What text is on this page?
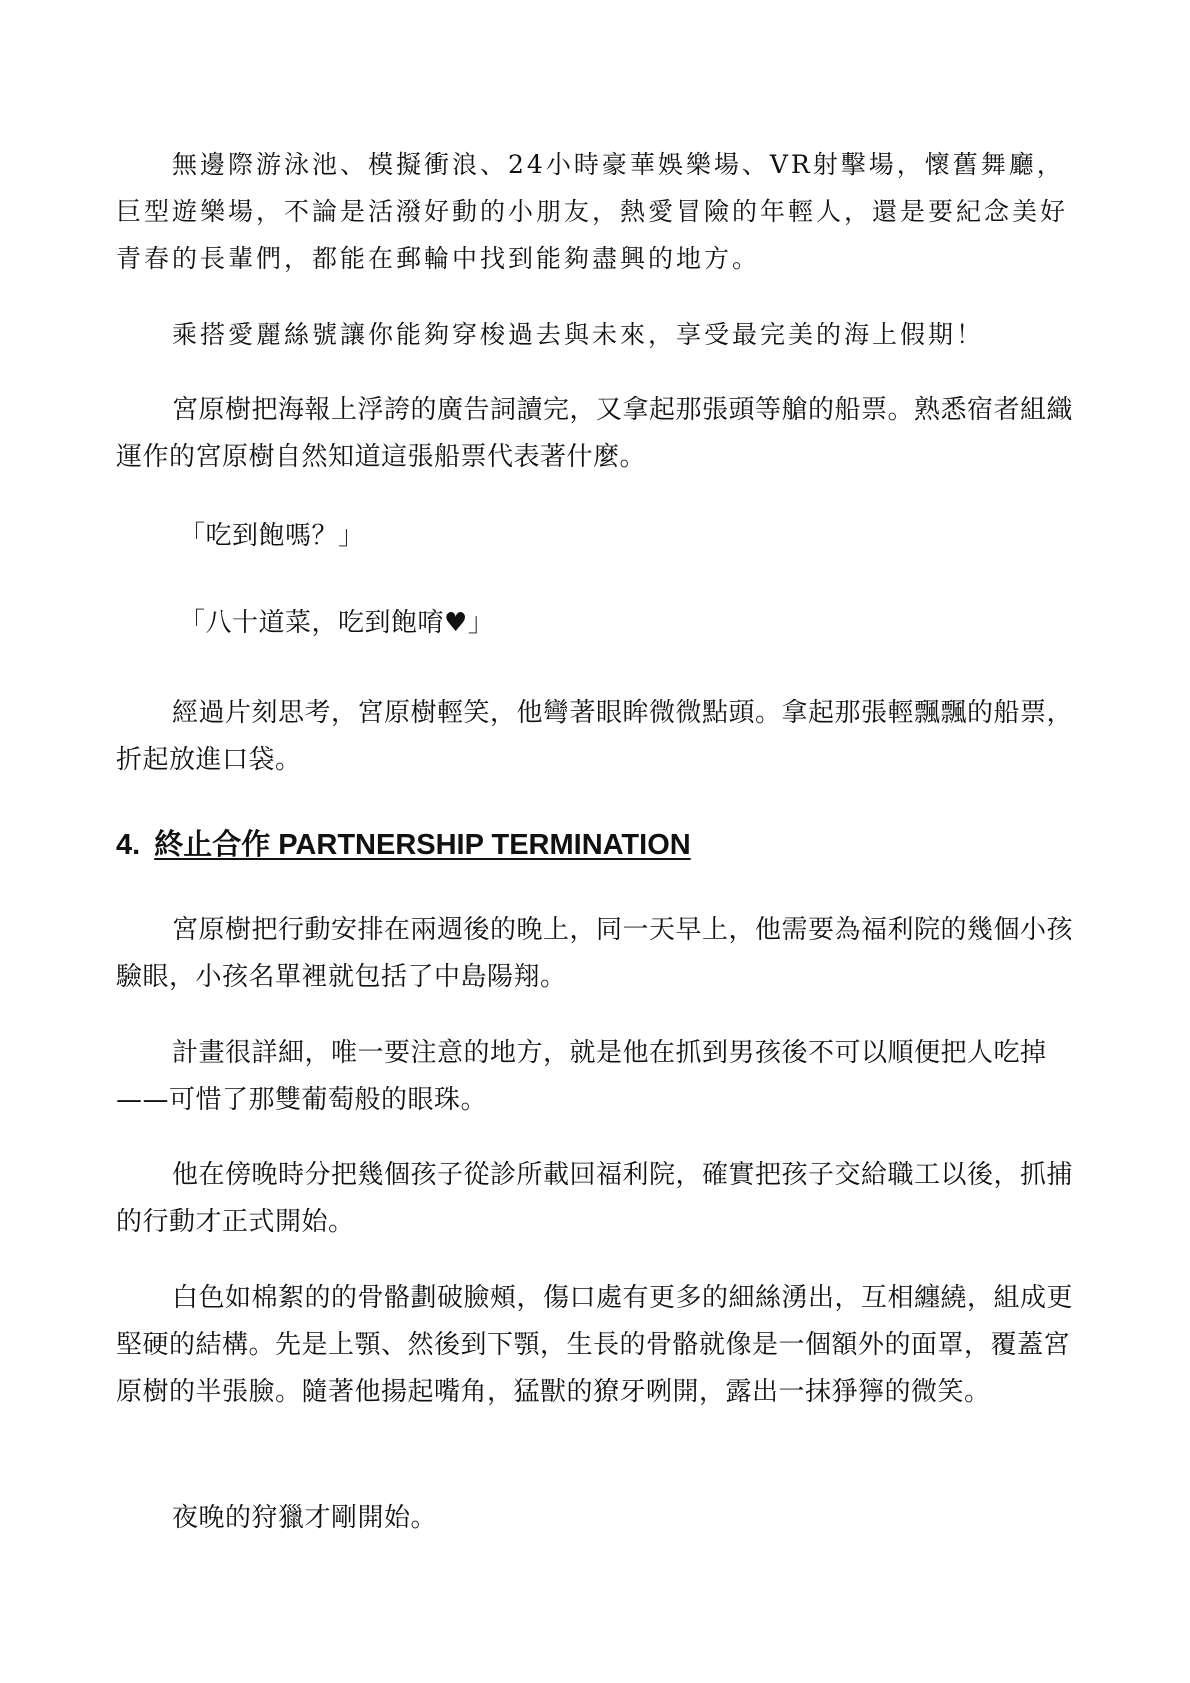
無邊際游泳池、模擬衝浪、24小時豪華娛樂場、VR射擊場，懷舊舞廳，巨型遊樂場，不論是活潑好動的小朋友，熱愛冒險的年輕人，還是要紀念美好青春的長輩們，都能在郵輪中找到能夠盡興的地方。

乘搭愛麗絲號讓你能夠穿梭過去與未來，享受最完美的海上假期！

宮原樹把海報上浮誇的廣告詞讀完，又拿起那張頭等艙的船票。熟悉宿者組織運作的宮原樹自然知道這張船票代表著什麼。

「吃到飽嗎？」

「八十道菜，吃到飽唷♥」

經過片刻思考，宮原樹輕笑，他彎著眼眸微微點頭。拿起那張輕飄飄的船票，折起放進口袋。

4. 終止合作 PARTNERSHIP TERMINATION

宮原樹把行動安排在兩週後的晚上，同一天早上，他需要為福利院的幾個小孩驗眼，小孩名單裡就包括了中島陽翔。

計畫很詳細，唯一要注意的地方，就是他在抓到男孩後不可以順便把人吃掉——可惜了那雙葡萄般的眼珠。

他在傍晚時分把幾個孩子從診所載回福利院，確實把孩子交給職工以後，抓捕的行動才正式開始。

白色如棉絮的的骨骼劃破臉頰，傷口處有更多的細絲湧出，互相纏繞，組成更堅硬的結構。先是上顎、然後到下顎，生長的骨骼就像是一個額外的面罩，覆蓋宮原樹的半張臉。隨著他揚起嘴角，猛獸的獠牙咧開，露出一抹猙獰的微笑。

夜晚的狩獵才剛開始。
